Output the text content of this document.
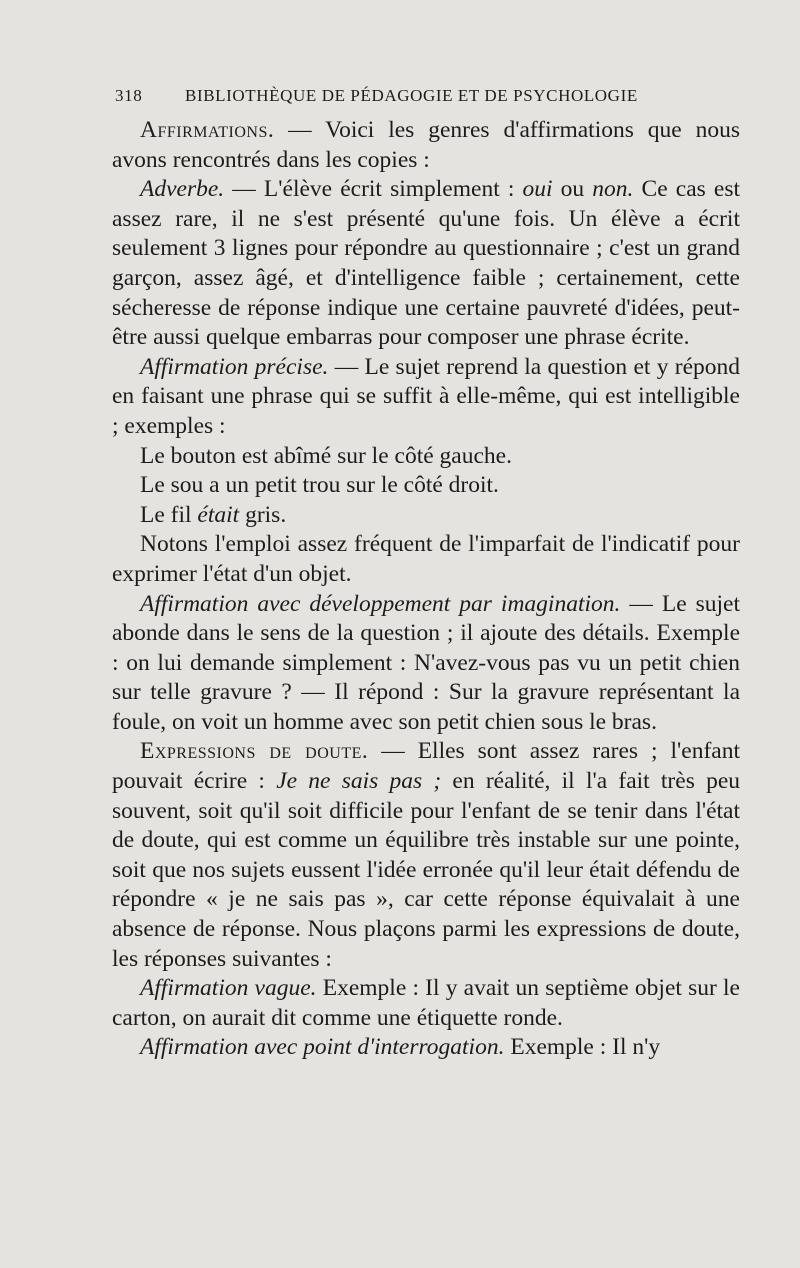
318	BIBLIOTHÈQUE DE PÉDAGOGIE ET DE PSYCHOLOGIE

Affirmations. — Voici les genres d'affirmations que nous avons rencontrés dans les copies :

Adverbe. — L'élève écrit simplement : oui ou non. Ce cas est assez rare, il ne s'est présenté qu'une fois. Un élève a écrit seulement 3 lignes pour répondre au questionnaire ; c'est un grand garçon, assez âgé, et d'intelligence faible ; certainement, cette sécheresse de réponse indique une certaine pauvreté d'idées, peut-être aussi quelque embarras pour composer une phrase écrite.

Affirmation précise. — Le sujet reprend la question et y répond en faisant une phrase qui se suffit à elle-même, qui est intelligible ; exemples :

Le bouton est abîmé sur le côté gauche.

Le sou a un petit trou sur le côté droit.

Le fil était gris.

Notons l'emploi assez fréquent de l'imparfait de l'indicatif pour exprimer l'état d'un objet.

Affirmation avec développement par imagination. — Le sujet abonde dans le sens de la question ; il ajoute des détails. Exemple : on lui demande simplement : N'avez-vous pas vu un petit chien sur telle gravure ? — Il répond : Sur la gravure représentant la foule, on voit un homme avec son petit chien sous le bras.

Expressions de doute. — Elles sont assez rares ; l'enfant pouvait écrire : Je ne sais pas ; en réalité, il l'a fait très peu souvent, soit qu'il soit difficile pour l'enfant de se tenir dans l'état de doute, qui est comme un équilibre très instable sur une pointe, soit que nos sujets eussent l'idée erronée qu'il leur était défendu de répondre « je ne sais pas », car cette réponse équivalait à une absence de réponse. Nous plaçons parmi les expressions de doute, les réponses suivantes :

Affirmation vague. Exemple : Il y avait un septième objet sur le carton, on aurait dit comme une étiquette ronde.

Affirmation avec point d'interrogation. Exemple : Il n'y
